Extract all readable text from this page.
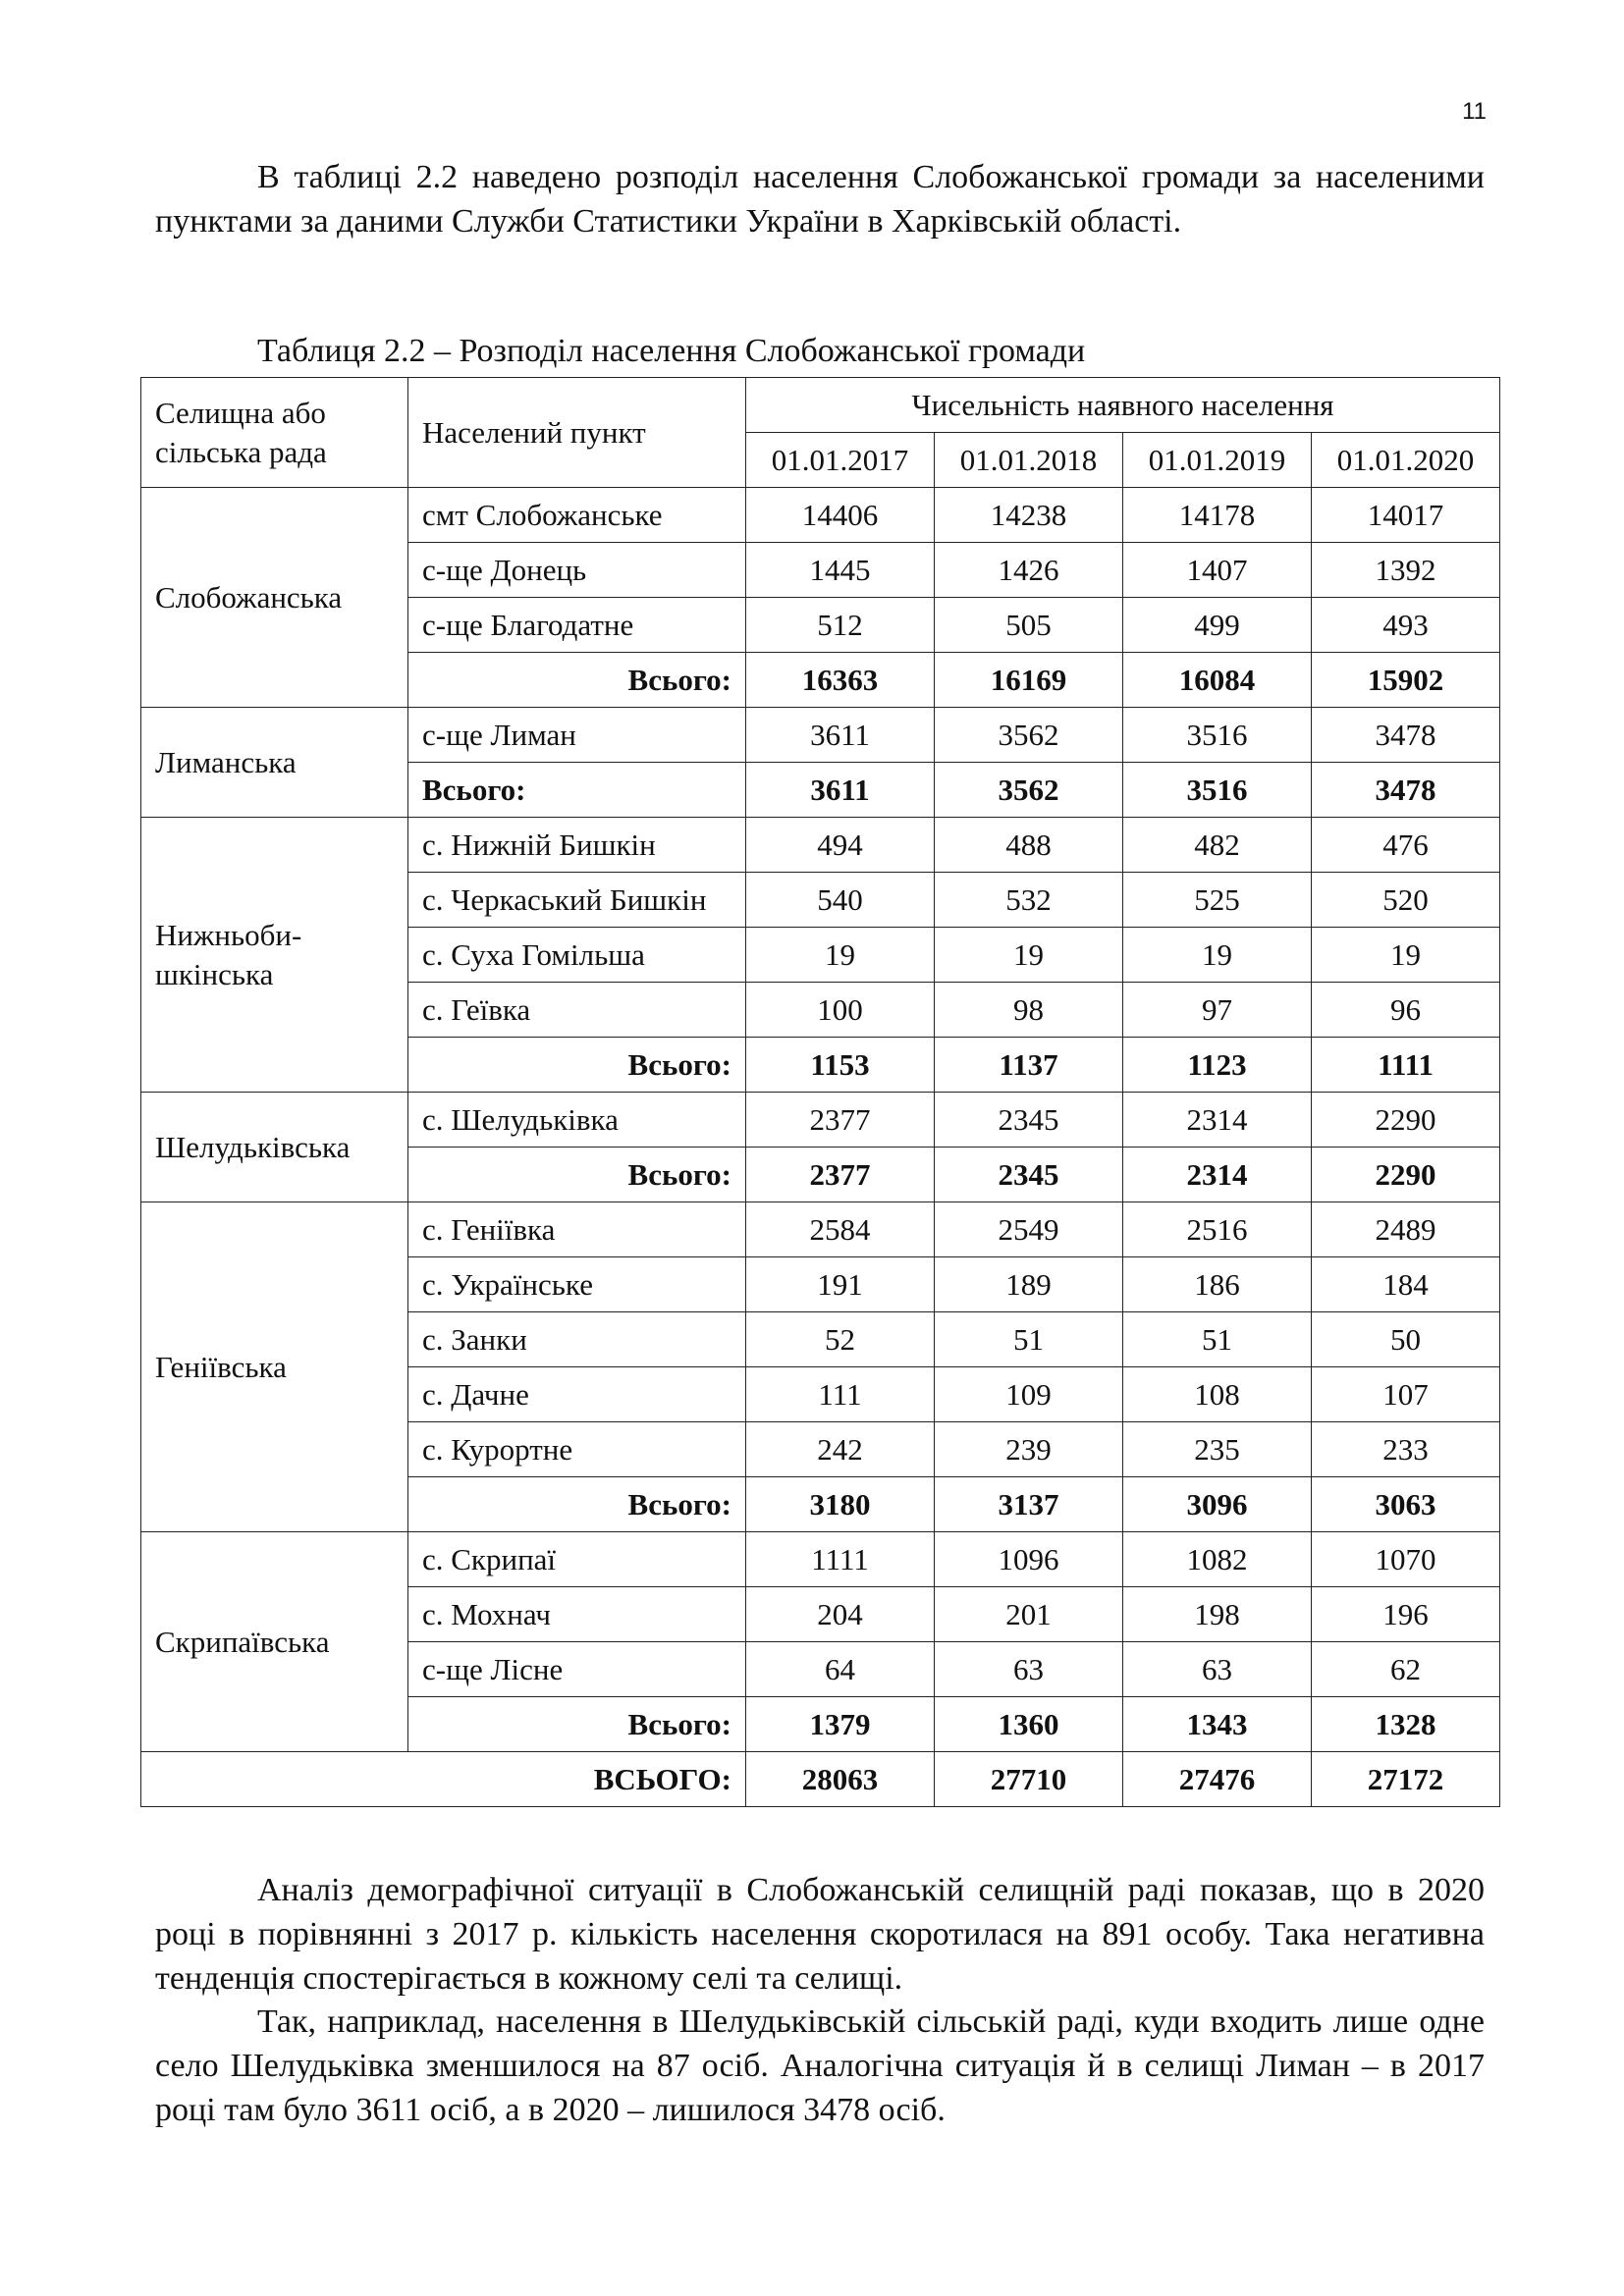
11

В таблиці 2.2 наведено розподіл населення Слобожанської громади за населеними пунктами за даними Служби Статистики України в Харківській області.

Таблиця 2.2 – Розподіл населення Слобожанської громади

Селищна або
сільська рада	Населений пункт	Чисельність наявного населення			
		01.01.2017	01.01.2018	01.01.2019	01.01.2020

Слобожанська	смт Слобожанське	14406	14238	14178	14017
	с-ще Донець	1445	1426	1407	1392
	с-ще Благодатне	512	505	499	493
	Всього:	16363	16169	16084	15902

Лиманська	с-ще Лиман	3611	3562	3516	3478
	Всього:	3611	3562	3516	3478

Нижньоби-
шкінська	с. Нижній Бишкін	494	488	482	476
	с. Черкаський Бишкін	540	532	525	520
	с. Суха Гомільша	19	19	19	19
	с. Геївка	100	98	97	96
	Всього:	1153	1137	1123	1111

Шелудьківська	с. Шелудьківка	2377	2345	2314	2290
	Всього:	2377	2345	2314	2290

Геніївська	с. Геніївка	2584	2549	2516	2489
	с. Українське	191	189	186	184
	с. Занки	52	51	51	50
	с. Дачне	111	109	108	107
	с. Курортне	242	239	235	233
	Всього:	3180	3137	3096	3063

Скрипаївська	с. Скрипаї	1111	1096	1082	1070
	с. Мохнач	204	201	198	196
	с-ще Лісне	64	63	63	62
	Всього:	1379	1360	1343	1328
ВСЬОГО:		28063	27710	27476	27172

Аналіз демографічної ситуації в Слобожанській селищній раді показав, що в 2020 році в порівнянні з 2017 р. кількість населення скоротилася на 891 особу. Така негативна тенденція спостерігається в кожному селі та селищі.

Так, наприклад, населення в Шелудьківській сільській раді, куди входить лише одне село Шелудьківка зменшилося на 87 осіб. Аналогічна ситуація й в селищі Лиман – в 2017 році там було 3611 осіб, а в 2020 – лишилося 3478 осіб.
